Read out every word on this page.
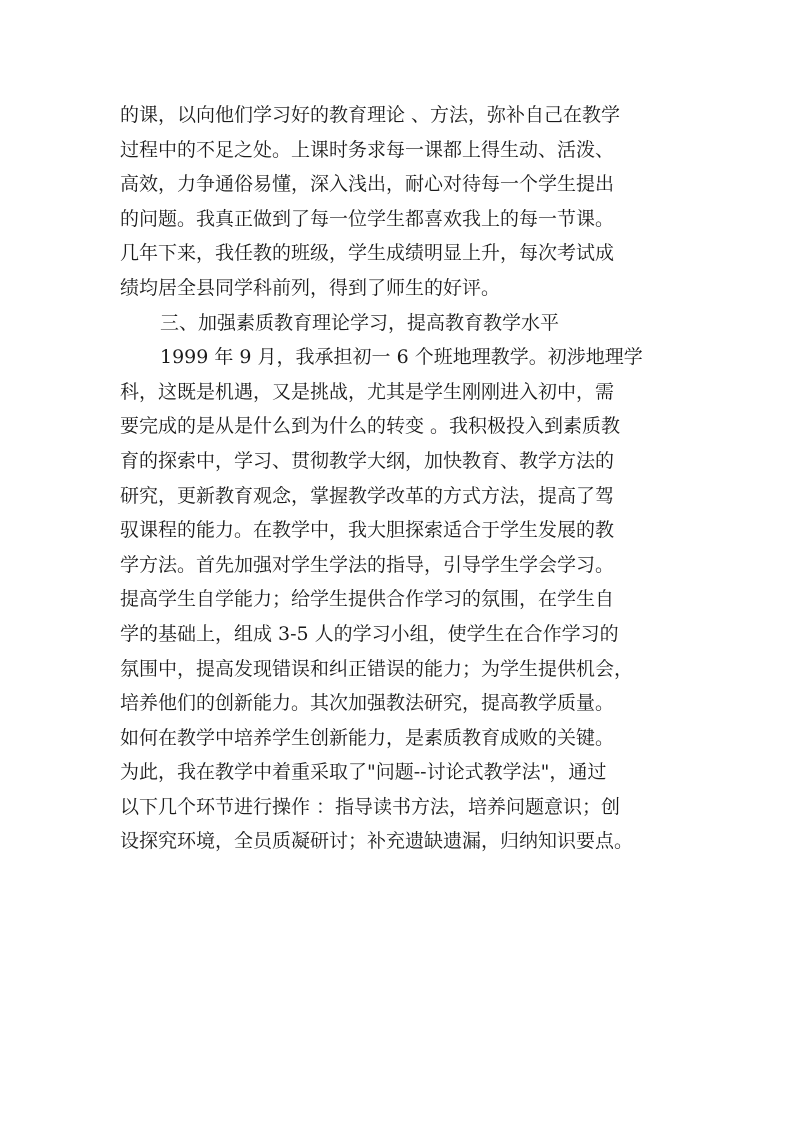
的课，以向他们学习好的教育理论 、方法，弥补自己在教学
过程中的不足之处。上课时务求每一课都上得生动、活泼、
高效，力争通俗易懂，深入浅出，耐心对待每一个学生提出
的问题。我真正做到了每一位学生都喜欢我上的每一节课。
几年下来，我任教的班级，学生成绩明显上升，每次考试成
绩均居全县同学科前列，得到了师生的好评。
三、加强素质教育理论学习，提高教育教学水平
1999 年 9 月，我承担初一 6 个班地理教学。初涉地理学
科，这既是机遇，又是挑战，尤其是学生刚刚进入初中，需
要完成的是从是什么到为什么的转变 。我积极投入到素质教
育的探索中，学习、贯彻教学大纲，加快教育、教学方法的
研究，更新教育观念，掌握教学改革的方式方法，提高了驾
驭课程的能力。在教学中，我大胆探索适合于学生发展的教
学方法。首先加强对学生学法的指导，引导学生学会学习。
提高学生自学能力；给学生提供合作学习的氛围，在学生自
学的基础上，组成 3-5 人的学习小组，使学生在合作学习的
氛围中，提高发现错误和纠正错误的能力；为学生提供机会，
培养他们的创新能力。其次加强教法研究，提高教学质量。
如何在教学中培养学生创新能力，是素质教育成败的关键。
为此，我在教学中着重采取了"问题--讨论式教学法"，通过
以下几个环节进行操作 ：指导读书方法，培养问题意识；创
设探究环境，全员质凝研讨；补充遗缺遗漏，归纳知识要点。
